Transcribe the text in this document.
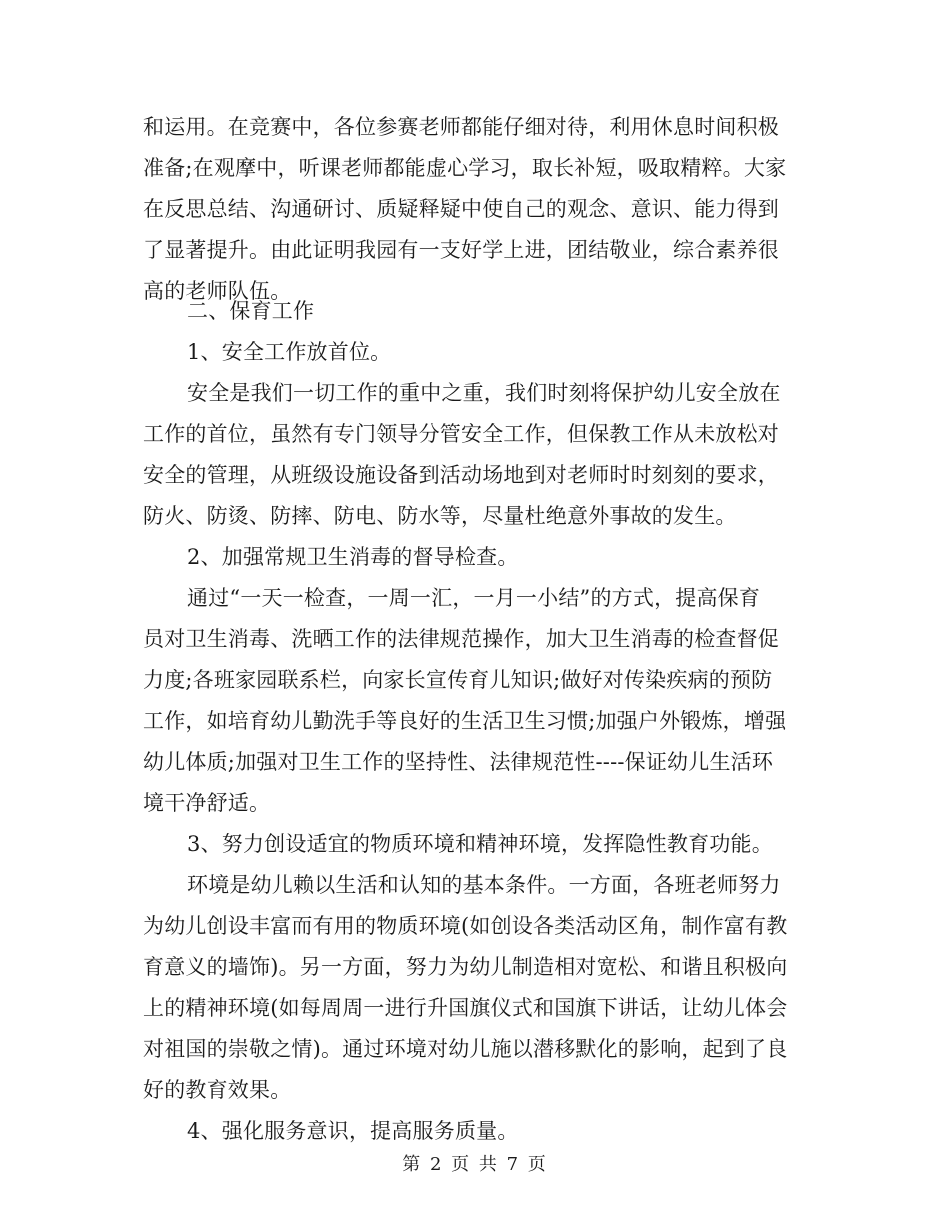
和运用。在竞赛中，各位参赛老师都能仔细对待，利用休息时间积极
准备;在观摩中，听课老师都能虚心学习，取长补短，吸取精粹。大家
在反思总结、沟通研讨、质疑释疑中使自己的观念、意识、能力得到
了显著提升。由此证明我园有一支好学上进，团结敬业，综合素养很
高的老师队伍。
二、保育工作
1、安全工作放首位。
安全是我们一切工作的重中之重，我们时刻将保护幼儿安全放在
工作的首位，虽然有专门领导分管安全工作，但保教工作从未放松对
安全的管理，从班级设施设备到活动场地到对老师时时刻刻的要求，
防火、防烫、防摔、防电、防水等，尽量杜绝意外事故的发生。
2、加强常规卫生消毒的督导检查。
通过“一天一检查，一周一汇，一月一小结”的方式，提高保育
员对卫生消毒、洗晒工作的法律规范操作，加大卫生消毒的检查督促
力度;各班家园联系栏，向家长宣传育儿知识;做好对传染疾病的预防
工作，如培育幼儿勤洗手等良好的生活卫生习惯;加强户外锻炼，增强
幼儿体质;加强对卫生工作的坚持性、法律规范性----保证幼儿生活环
境干净舒适。
3、努力创设适宜的物质环境和精神环境，发挥隐性教育功能。
环境是幼儿赖以生活和认知的基本条件。一方面，各班老师努力
为幼儿创设丰富而有用的物质环境(如创设各类活动区角，制作富有教
育意义的墙饰)。另一方面，努力为幼儿制造相对宽松、和谐且积极向
上的精神环境(如每周周一进行升国旗仪式和国旗下讲话，让幼儿体会
对祖国的崇敬之情)。通过环境对幼儿施以潜移默化的影响，起到了良
好的教育效果。
4、强化服务意识，提高服务质量。
第 2 页 共 7 页
